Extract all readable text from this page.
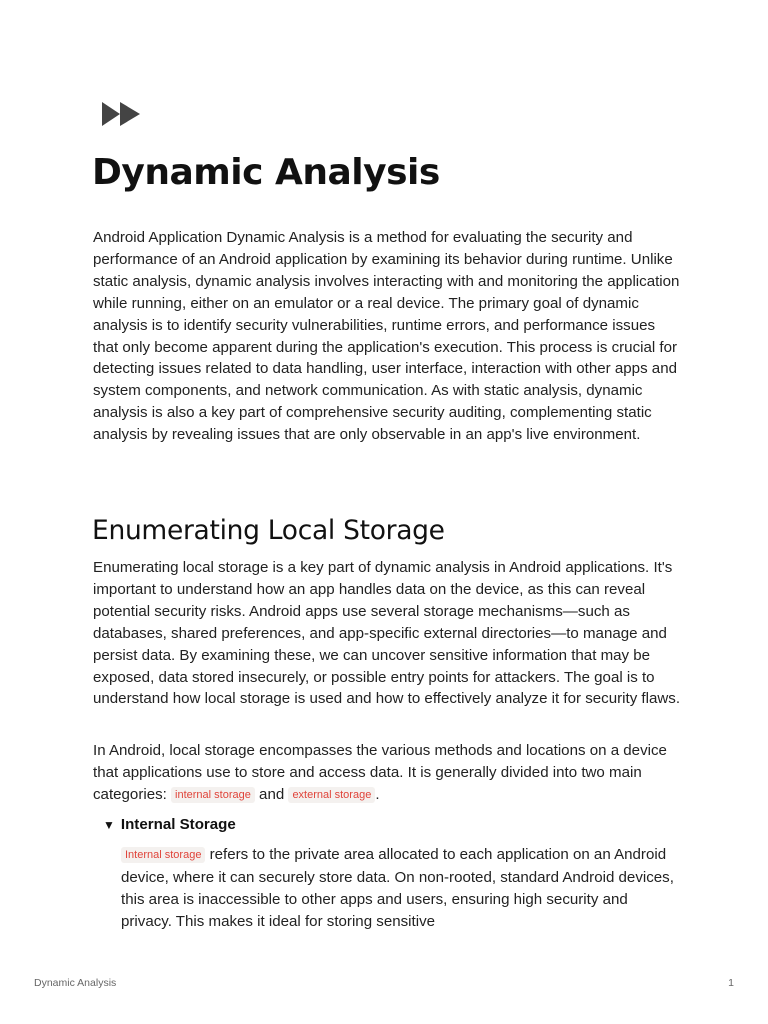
Dynamic Analysis

Android Application Dynamic Analysis is a method for evaluating the security and performance of an Android application by examining its behavior during runtime. Unlike static analysis, dynamic analysis involves interacting with and monitoring the application while running, either on an emulator or a real device. The primary goal of dynamic analysis is to identify security vulnerabilities, runtime errors, and performance issues that only become apparent during the application's execution. This process is crucial for detecting issues related to data handling, user interface, interaction with other apps and system components, and network communication. As with static analysis, dynamic analysis is also a key part of comprehensive security auditing, complementing static analysis by revealing issues that are only observable in an app's live environment.

Enumerating Local Storage

Enumerating local storage is a key part of dynamic analysis in Android applications. It's important to understand how an app handles data on the device, as this can reveal potential security risks. Android apps use several storage mechanisms—such as databases, shared preferences, and app-specific external directories—to manage and persist data. By examining these, we can uncover sensitive information that may be exposed, data stored insecurely, or possible entry points for attackers. The goal is to understand how local storage is used and how to effectively analyze it for security flaws.

In Android, local storage encompasses the various methods and locations on a device that applications use to store and access data. It is generally divided into two main categories: internal storage and external storage .

▼ Internal Storage

Internal storage refers to the private area allocated to each application on an Android device, where it can securely store data. On non-rooted, standard Android devices, this area is inaccessible to other apps and users, ensuring high security and privacy. This makes it ideal for storing sensitive

Dynamic Analysis	1
